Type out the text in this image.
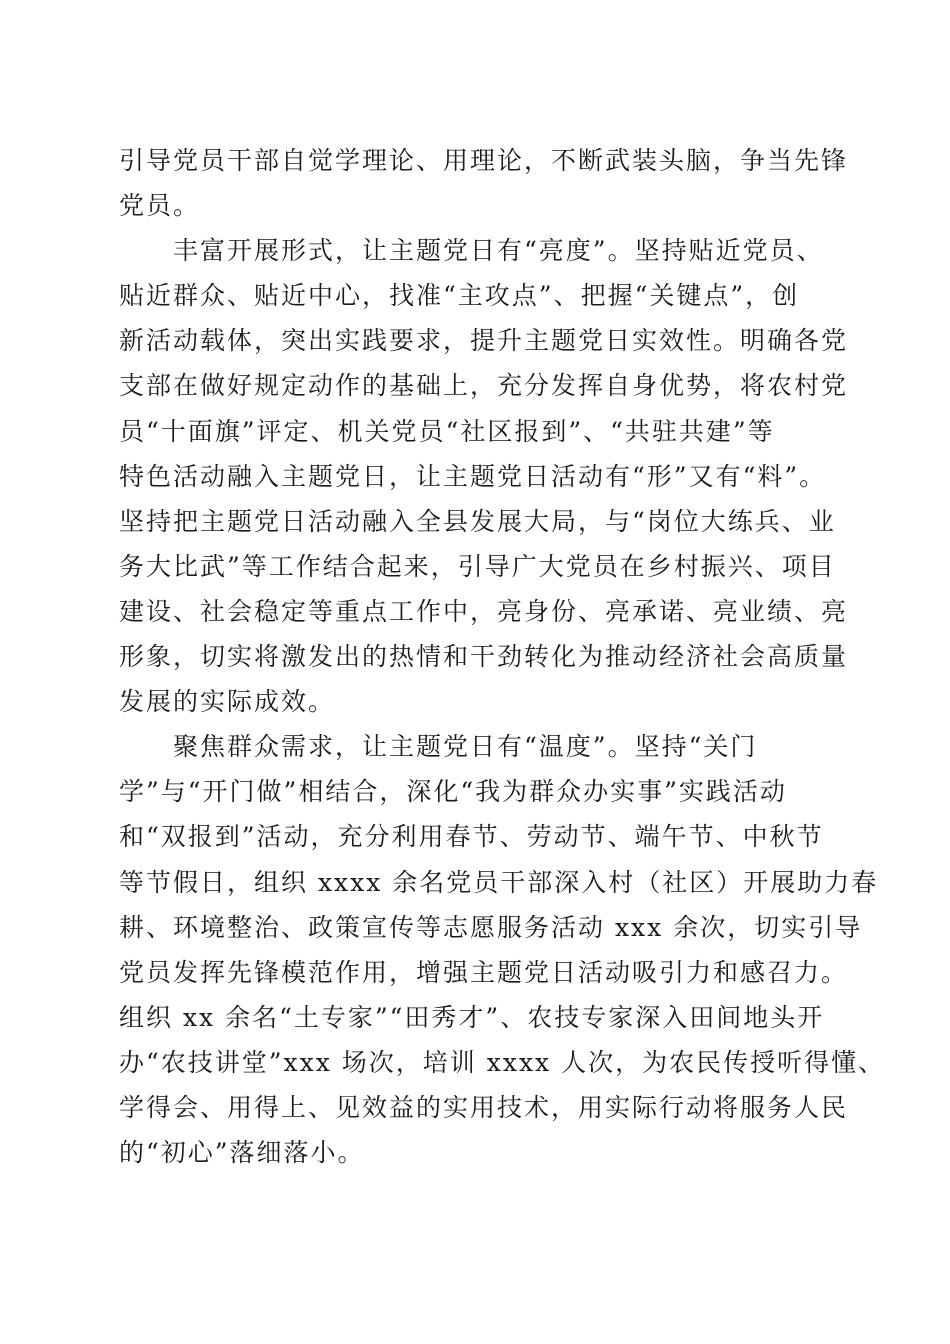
引导党员干部自觉学理论、用理论，不断武装头脑，争当先锋
党员。
　　丰富开展形式，让主题党日有“亮度”。坚持贴近党员、
贴近群众、贴近中心，找准“主攻点”、把握“关键点”，创
新活动载体，突出实践要求，提升主题党日实效性。明确各党
支部在做好规定动作的基础上，充分发挥自身优势，将农村党
员“十面旗”评定、机关党员“社区报到”、“共驻共建”等
特色活动融入主题党日，让主题党日活动有“形”又有“料”。
坚持把主题党日活动融入全县发展大局，与“岗位大练兵、业
务大比武”等工作结合起来，引导广大党员在乡村振兴、项目
建设、社会稳定等重点工作中，亮身份、亮承诺、亮业绩、亮
形象，切实将激发出的热情和干劲转化为推动经济社会高质量
发展的实际成效。
　　聚焦群众需求，让主题党日有“温度”。坚持“关门
学”与“开门做”相结合，深化“我为群众办实事”实践活动
和“双报到”活动，充分利用春节、劳动节、端午节、中秋节
等节假日，组织 xxxx 余名党员干部深入村（社区）开展助力春
耕、环境整治、政策宣传等志愿服务活动 xxx 余次，切实引导
党员发挥先锋模范作用，增强主题党日活动吸引力和感召力。
组织 xx 余名“土专家”“田秀才”、农技专家深入田间地头开
办“农技讲堂”xxx 场次，培训 xxxx 人次，为农民传授听得懂、
学得会、用得上、见效益的实用技术，用实际行动将服务人民
的“初心”落细落小。
